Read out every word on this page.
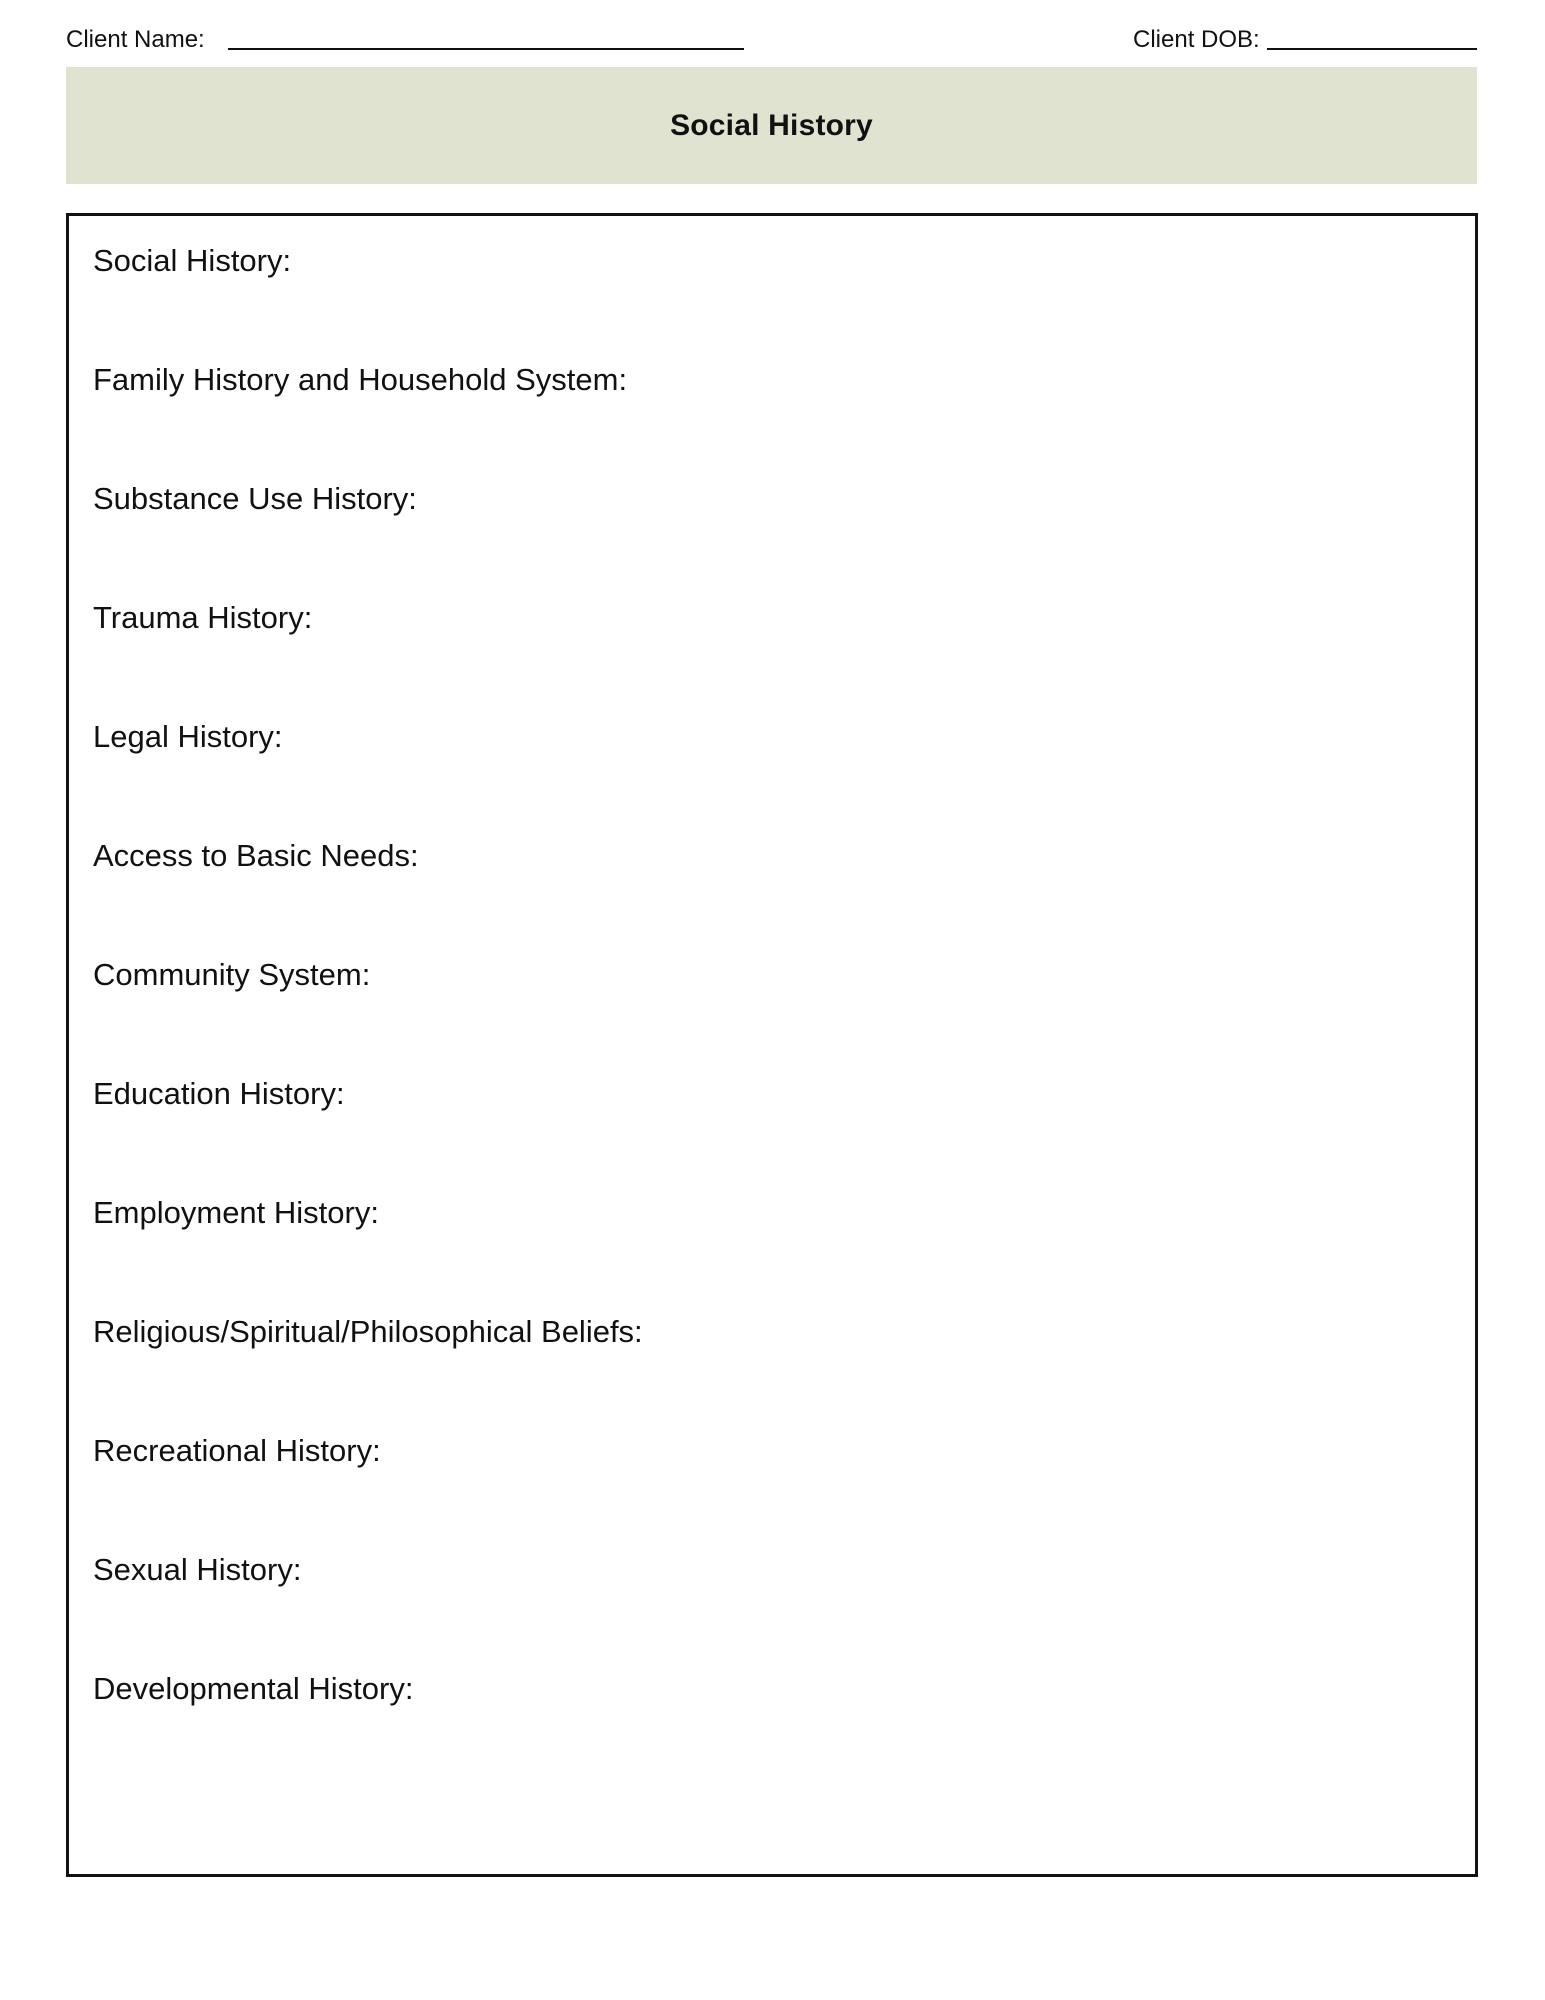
Client Name:	Client DOB:
Social History
Social History:
Family History and Household System:
Substance Use History:
Trauma History:
Legal History:
Access to Basic Needs:
Community System:
Education History:
Employment History:
Religious/Spiritual/Philosophical Beliefs:
Recreational History:
Sexual History:
Developmental History:
